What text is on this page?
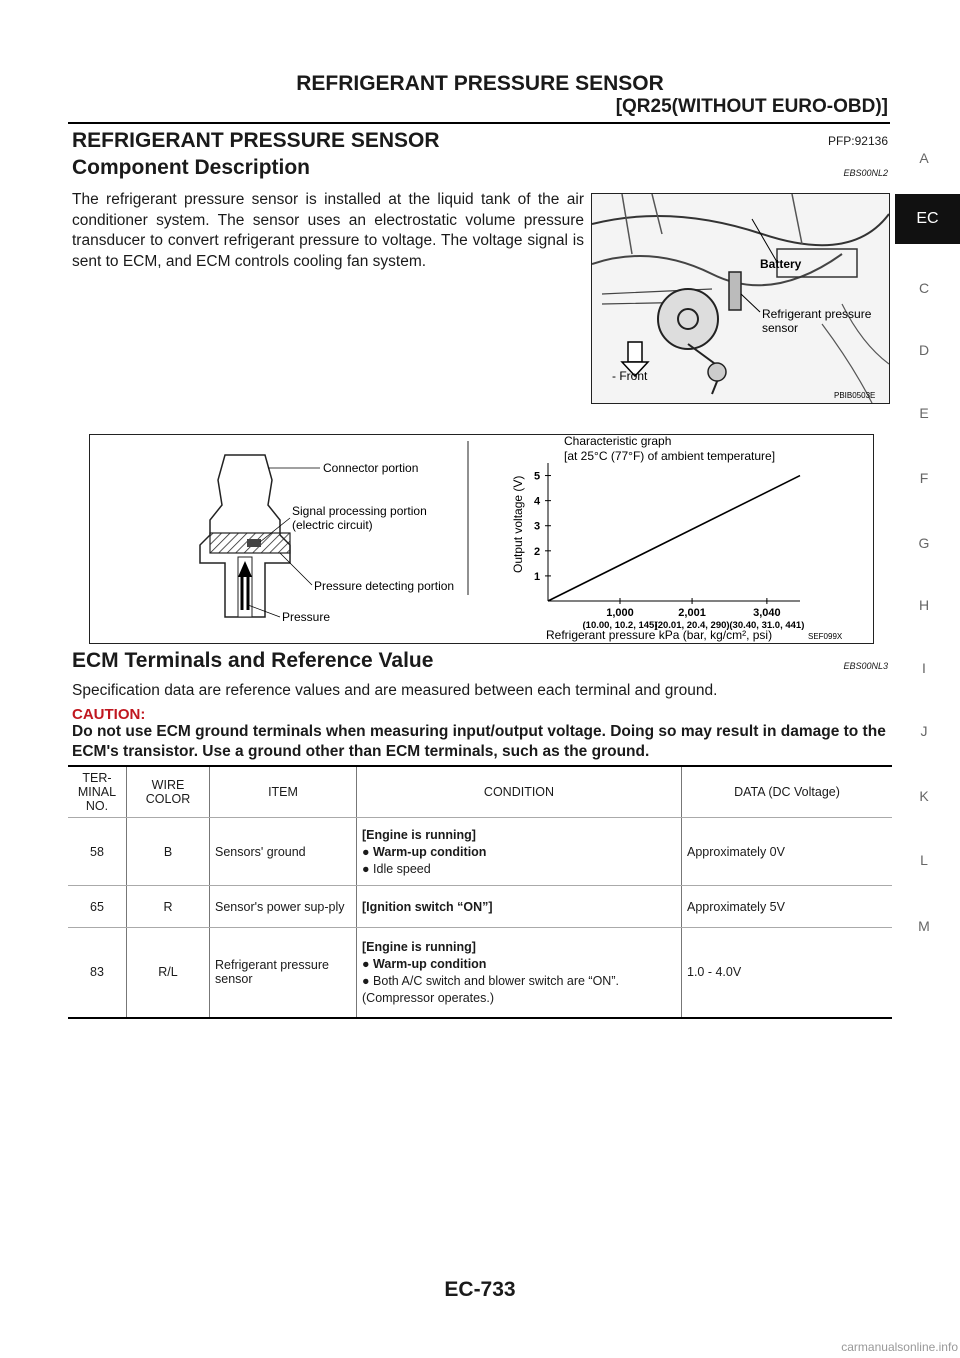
REFRIGERANT PRESSURE SENSOR
[QR25(WITHOUT EURO-OBD)]
REFRIGERANT PRESSURE SENSOR	PFP:92136
Component Description	EBS00NL2
The refrigerant pressure sensor is installed at the liquid tank of the air conditioner system. The sensor uses an electrostatic volume pressure transducer to convert refrigerant pressure to voltage. The voltage signal is sent to ECM, and ECM controls cooling fan system.	Battery
Refrigerant pressure
sensor
- Front
PBIB0503E
Connector portion
Signal processing portion
(electric circuit)
Pressure detecting portion
Pressure
Characteristic graph
[at 25°C (77°F) of ambient temperature]
Output voltage (V)
Refrigerant pressure kPa (bar, kg/cm², psi)	SEF099X
1
2
3
4
5
1,000
(10.00, 10.2, 145)
2,001
(20.01, 20.4, 290)
3,040
(30.40, 31.0, 441)
ECM Terminals and Reference Value	EBS00NL3
Specification data are reference values and are measured between each terminal and ground.
CAUTION:
Do not use ECM ground terminals when measuring input/output voltage. Doing so may result in damage to the ECM's transistor. Use a ground other than ECM terminals, such as the ground.
TER-
MINAL
NO.	WIRE
COLOR	ITEM	CONDITION	DATA (DC Voltage)
58	B	Sensors' ground	[Engine is running]
● Warm-up condition
● Idle speed	Approximately 0V
65	R	Sensor's power sup-ply	[Ignition switch “ON”]	Approximately 5V
83	R/L	Refrigerant pressure sensor	[Engine is running]
● Warm-up condition
● Both A/C switch and blower switch are “ON”.
(Compressor operates.)	1.0 - 4.0V
EC
A
C
D
E
F
G
H
I
J
K
L
M
EC-733
carmanualsonline.info
